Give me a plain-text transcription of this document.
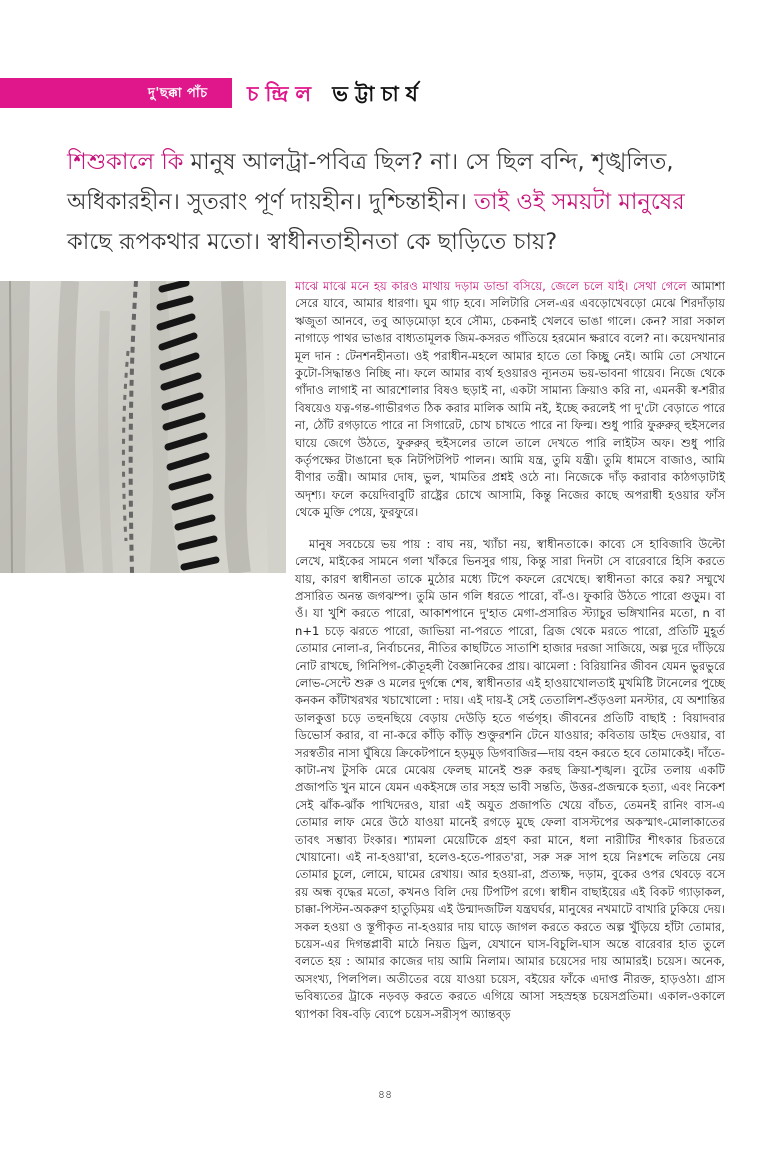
দু'ছক্কা পাঁচ চন্দ্রিল ভট্টাচার্য
শিশুকালে কি মানুষ আলট্রা-পবিত্র ছিল? না। সে ছিল বন্দি, শৃঙ্খলিত, অধিকারহীন। সুতরাং পূর্ণ দায়হীন। দুশ্চিন্তাহীন। তাই ওই সময়টা মানুষের কাছে রূপকথার মতো। স্বাধীনতাহীনতা কে ছাড়িতে চায়?

মাঝে মাঝে মনে হয় কারও মাথায় দড়াম ডান্ডা বসিয়ে, জেলে চলে যাই। সেথা গেলে আমাশা সেরে যাবে, আমার ধারণা। ঘুম গাঢ় হবে। সলিটারি সেল-এর এবড়োখেবড়ো মেঝে শিরদাঁড়ায় ঋজুতা আনবে, তবু আড়মোড়া হবে সৌম্য, চেকনাই খেলবে ভাঙা গালে। কেন? সারা সকাল নাগাড়ে পাথর ভাঙার বাধ্যতামূলক জিম-কসরত গাঁতিয়ে হরমোন ক্ষরাবে বলে? না। কয়েদখানার মূল দান : টেনশনহীনতা। ওই পরাধীন-মহলে আমার হাতে তো কিচ্ছু নেই। আমি তো সেখানে কুটো-সিদ্ধান্তও নিচ্ছি না। ফলে আমার ব্যর্থ হওয়ারও ন্যূনতম ভয়-ভাবনা গায়েব। নিজে থেকে গাঁদাও লাগাই না আরশোলার বিষও ছড়াই না, একটা সামান্য ক্রিয়াও করি না, এমনকী স্ব-শরীর বিষয়েও যত্ন-গন্ত-গাভীরগত ঠিক করার মালিক আমি নই, ইচ্ছে করলেই পা দু'টো বেড়াতে পারে না, ঠোঁট রগড়াতে পারে না সিগারেট, চোখ চাখতে পারে না ফিল্ম। শুধু পারি ফুরুরুর্ হুইসলের ঘায়ে জেগে উঠতে, ফুরুরুর্ হুইসলের তালে তালে দেখতে পারি লাইটস অফ। শুধু পারি কর্তৃপক্ষের টাঙানো ছক নিটপিটপিট পালন। আমি যন্ত্র, তুমি যন্ত্রী। তুমি ধামসে বাজাও, আমি বীণার তন্ত্রী। আমার দোষ, ভুল, খামতির প্রশ্নই ওঠে না। নিজেকে দাঁড় করাবার কাঠগড়াটাই অদৃশ্য। ফলে কয়েদিবাবুটি রাষ্ট্রের চোখে আসামি, কিন্তু নিজের কাছে অপরাধী হওয়ার ফাঁস থেকে মুক্তি পেয়ে, ফুরফুরে।

মানুষ সবচেয়ে ভয় পায় : বাঘ নয়, খ্যাঁচা নয়, স্বাধীনতাকে। কাব্যে সে হাবিজাবি উল্টো লেখে, মাইকের সামনে গলা খাঁকরে ভিনসুর গায়, কিন্তু সারা দিনটা সে বারেবারে হিসি করতে যায়, কারণ স্বাধীনতা তাকে মুঠোর মধ্যে টিপে কফলে রেখেছে। স্বাধীনতা কারে কয়? সম্মুখে প্রসারিত অনন্ত জগঝম্প। তুমি ডান গলি ধরতে পারো, বাঁ-ও। ফুকারি উঠতে পারো গুড়ুম। বা ওঁ। যা খুশি করতে পারো, আকাশপানে দু'হাত মেগা-প্রসারিত স্ট্যাচুর ভঙ্গিখানির মতো, n বা n+1 চড়ে ঝরতে পারো, জাভিয়া না-পরতে পারো, ব্রিজ থেকে মরতে পারো, প্রতিটি মুহূর্ত তোমার নোলা-র, নির্বাচনের, নীতির কাছটিতে সাতাশি হাজার দরজা সাজিয়ে, অল্প দূরে দাঁড়িয়ে নোট রাখছে, গিনিপিগ-কৌতূহলী বৈজ্ঞানিকের প্রায়। ঝামেলা : বিরিয়ানির জীবন যেমন ভুরভুরে লোভ-সেন্টে শুরু ও মলের দুর্গন্ধে শেষ, স্বাধীনতার এই হাওয়াখোলতাই মুখমিষ্টি টানেলের পুচ্ছে কনকন কাঁটাখরখর খচাখোলো : দায়। এই দায়-ই সেই তেতালিশ-শুঁড়ওলা মনস্টার, যে অশান্তির ডালকুত্তা চড়ে তহুনছিয়ে বেড়ায় দেউড়ি হতে গর্ভগৃহ। জীবনের প্রতিটি বাছাই : বিয়াদবার ডিভোর্স করার, বা না-করে কাঁড়ি কাঁড়ি শুক্তুরশনি টেনে যাওয়ার; কবিতায় ডাইভ দেওয়ার, বা সরস্বতীর নাসা ঘুঁষিয়ে ক্রিকেটপানে হড়মুড় ডিগবাজির—দায় বহন করতে হবে তোমাকেই। দাঁতে-কাটা-নখ টুসকি মেরে মেঝেয় ফেলছ মানেই শুরু করছ ক্রিয়া-শৃঙ্খল। বুটের তলায় একটি প্রজাপতি খুন মানে যেমন একইসঙ্গে তার সহস্র ভাবী সন্ততি, উত্তর-প্রজন্মকে হত্যা, এবং নিকেশ সেই ঝাঁক-ঝাঁক পাখিদেরও, যারা এই অযুত প্রজাপতি খেয়ে বাঁচত, তেমনই রানিং বাস-এ তোমার লাফ মেরে উঠে যাওয়া মানেই রগড়ে মুছে ফেলা বাসস্টপের অকস্মাৎ-মোলাকাতের তাবৎ সম্ভাব্য টংকার। শ্যামলা মেয়েটিকে গ্রহণ করা মানে, ধলা নারীটির শীৎকার চিরতরে খোয়ানো। এই না-হওয়া'রা, হলেও-হতে-পারত'রা, সরু সরু সাপ হয়ে নিঃশব্দে লতিয়ে নেয় তোমার চুলে, লোমে, ঘামের রেখায়। আর হওয়া-রা, প্রত্যক্ষ, দড়াম, বুকের ওপর থেবড়ে বসে রয় অন্ধ বৃদ্ধের মতো, কখনও বিলি দেয় টিপটিপ রগে। স্বাধীন বাছাইয়ের এই বিকট গ্যাড়াকল, চাক্কা-পিস্টন-অকরুণ হাতুড়িময় এই উন্মাদজটিল যন্ত্রঘর্ঘর, মানুষের নখমাটে বাখারি ঢুকিয়ে দেয়। সকল হওয়া ও স্তূপীকৃত না-হওয়ার দায় ঘাড়ে জাগল করতে করতে অল্প খুঁড়িয়ে হাঁটা তোমার, চয়েস-এর দিগন্তপ্লাবী মাঠে নিয়ত ড্রিল, যেখানে ঘাস-বিচুলি-ঘাস অন্তে বারেবার হাত তুলে বলতে হয় : আমার কাজের দায় আমি নিলাম। আমার চয়েসের দায় আমারই। চয়েস। অনেক, অসংখ্য, পিলপিল। অতীতের বয়ে যাওয়া চয়েস, বইয়ের ফাঁকে এদাপ্ত নীরক্ত, হাড়ওঠা। গ্রাস ভবিষ্যতের ট্রাকে নড়বড় করতে করতে এগিয়ে আসা সহস্রহস্ত চয়েসপ্রতিমা। একাল-ওকালে থ্যাপকা বিষ-বড়ি ব্যেপে চয়েস-সরীসৃপ অ্যান্তব্ড়

৪৪
